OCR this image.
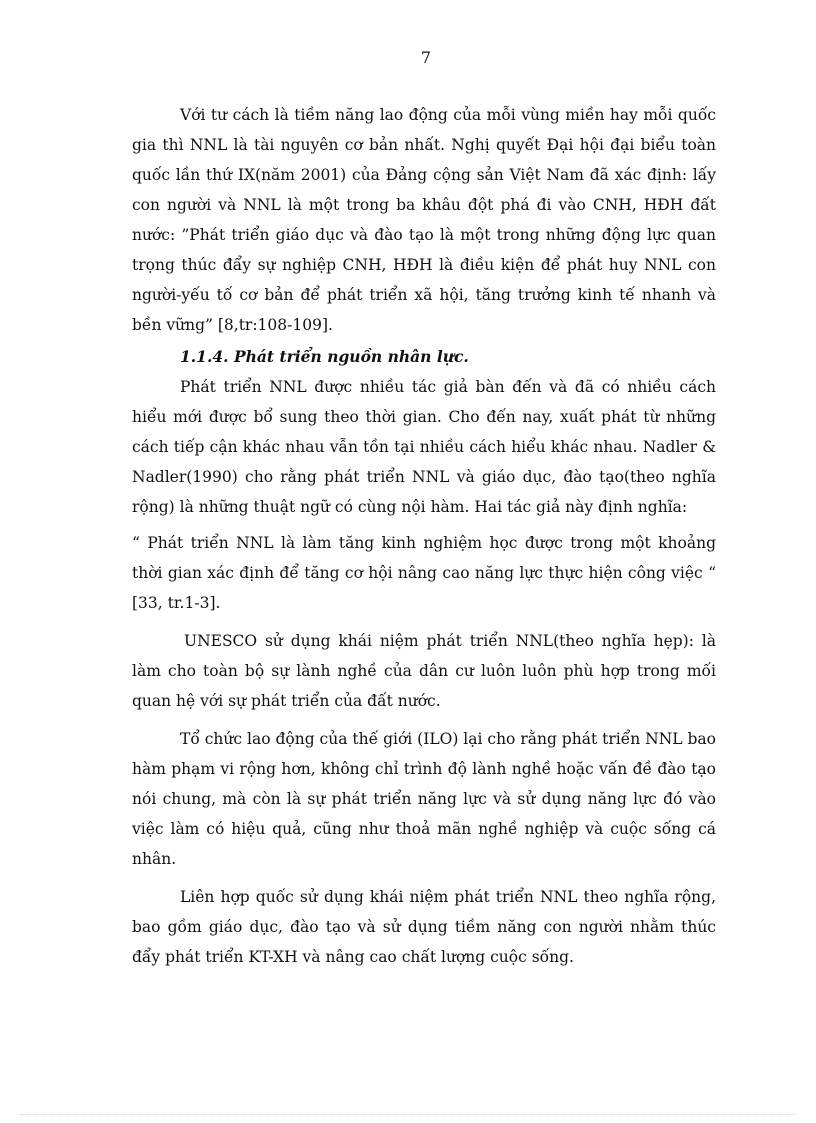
7

Với tư cách là tiềm năng lao động của mỗi vùng miền hay mỗi quốc gia thì NNL là tài nguyên cơ bản nhất. Nghị quyết Đại hội đại biểu toàn quốc lần thứ IX(năm 2001) của Đảng cộng sản Việt Nam đã xác định: lấy con người và NNL là một trong ba khâu đột phá đi vào CNH, HĐH đất nước: ”Phát triển giáo dục và đào tạo là một trong những động lực quan trọng thúc đẩy sự nghiệp CNH, HĐH là điều kiện để phát huy NNL con người-yếu tố cơ bản để phát triển xã hội, tăng trưởng kinh tế nhanh và bền vững” [8,tr:108-109].

1.1.4. Phát triển nguồn nhân lực.

Phát triển NNL được nhiều tác giả bàn đến và đã có nhiều cách hiểu mới được bổ sung theo thời gian. Cho đến nay, xuất phát từ những cách tiếp cận khác nhau vẫn tồn tại nhiều cách hiểu khác nhau. Nadler & Nadler(1990) cho rằng phát triển NNL và giáo dục, đào tạo(theo nghĩa rộng) là những thuật ngữ có cùng nội hàm. Hai tác giả này định nghĩa:

“ Phát triển NNL là làm tăng kinh nghiệm học được trong một khoảng thời gian xác định để tăng cơ hội nâng cao năng lực thực hiện công việc “ [33, tr.1-3].

UNESCO sử dụng khái niệm phát triển NNL(theo nghĩa hẹp): là làm cho toàn bộ sự lành nghề của dân cư luôn luôn phù hợp trong mối quan hệ với sự phát triển của đất nước.

Tổ chức lao động của thế giới (ILO) lại cho rằng phát triển NNL bao hàm phạm vi rộng hơn, không chỉ trình độ lành nghề hoặc vấn đề đào tạo nói chung, mà còn là sự phát triển năng lực và sử dụng năng lực đó vào việc làm có hiệu quả, cũng như thoả mãn nghề nghiệp và cuộc sống cá nhân.

Liên hợp quốc sử dụng khái niệm phát triển NNL theo nghĩa rộng, bao gồm giáo dục, đào tạo và sử dụng tiềm năng con người nhằm thúc đẩy phát triển KT-XH và nâng cao chất lượng cuộc sống.
